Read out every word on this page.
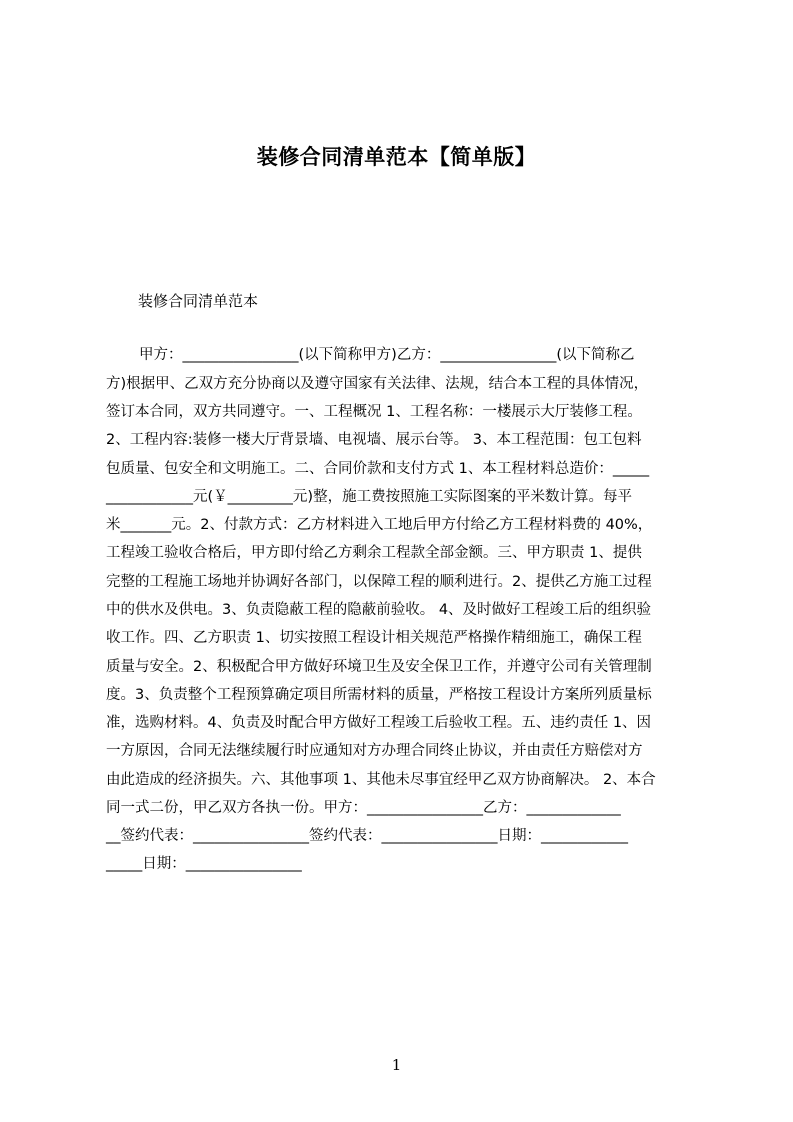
装修合同清单范本【简单版】
装修合同清单范本
甲方：________________(以下简称甲方)乙方：________________(以下简称乙
方)根据甲、乙双方充分协商以及遵守国家有关法律、法规，结合本工程的具体情况，
签订本合同，双方共同遵守。一、工程概况 1、工程名称：一楼展示大厅装修工程。
2、工程内容:装修一楼大厅背景墙、电视墙、展示台等。 3、本工程范围：包工包料
包质量、包安全和文明施工。二、合同价款和支付方式 1、本工程材料总造价：_____
____________元(￥_________元)整，施工费按照施工实际图案的平米数计算。每平
米_______元。2、付款方式：乙方材料进入工地后甲方付给乙方工程材料费的 40%，
工程竣工验收合格后，甲方即付给乙方剩余工程款全部金额。三、甲方职责 1、提供
完整的工程施工场地并协调好各部门，以保障工程的顺利进行。2、提供乙方施工过程
中的供水及供电。3、负责隐蔽工程的隐蔽前验收。 4、及时做好工程竣工后的组织验
收工作。四、乙方职责 1、切实按照工程设计相关规范严格操作精细施工，确保工程
质量与安全。2、积极配合甲方做好环境卫生及安全保卫工作，并遵守公司有关管理制
度。3、负责整个工程预算确定项目所需材料的质量，严格按工程设计方案所列质量标
准，选购材料。4、负责及时配合甲方做好工程竣工后验收工程。五、违约责任 1、因
一方原因，合同无法继续履行时应通知对方办理合同终止协议，并由责任方赔偿对方
由此造成的经济损失。六、其他事项 1、其他未尽事宜经甲乙双方协商解决。 2、本合
同一式二份，甲乙双方各执一份。甲方：________________乙方：_____________
__签约代表：________________签约代表：________________日期：____________
_____日期：________________
1
